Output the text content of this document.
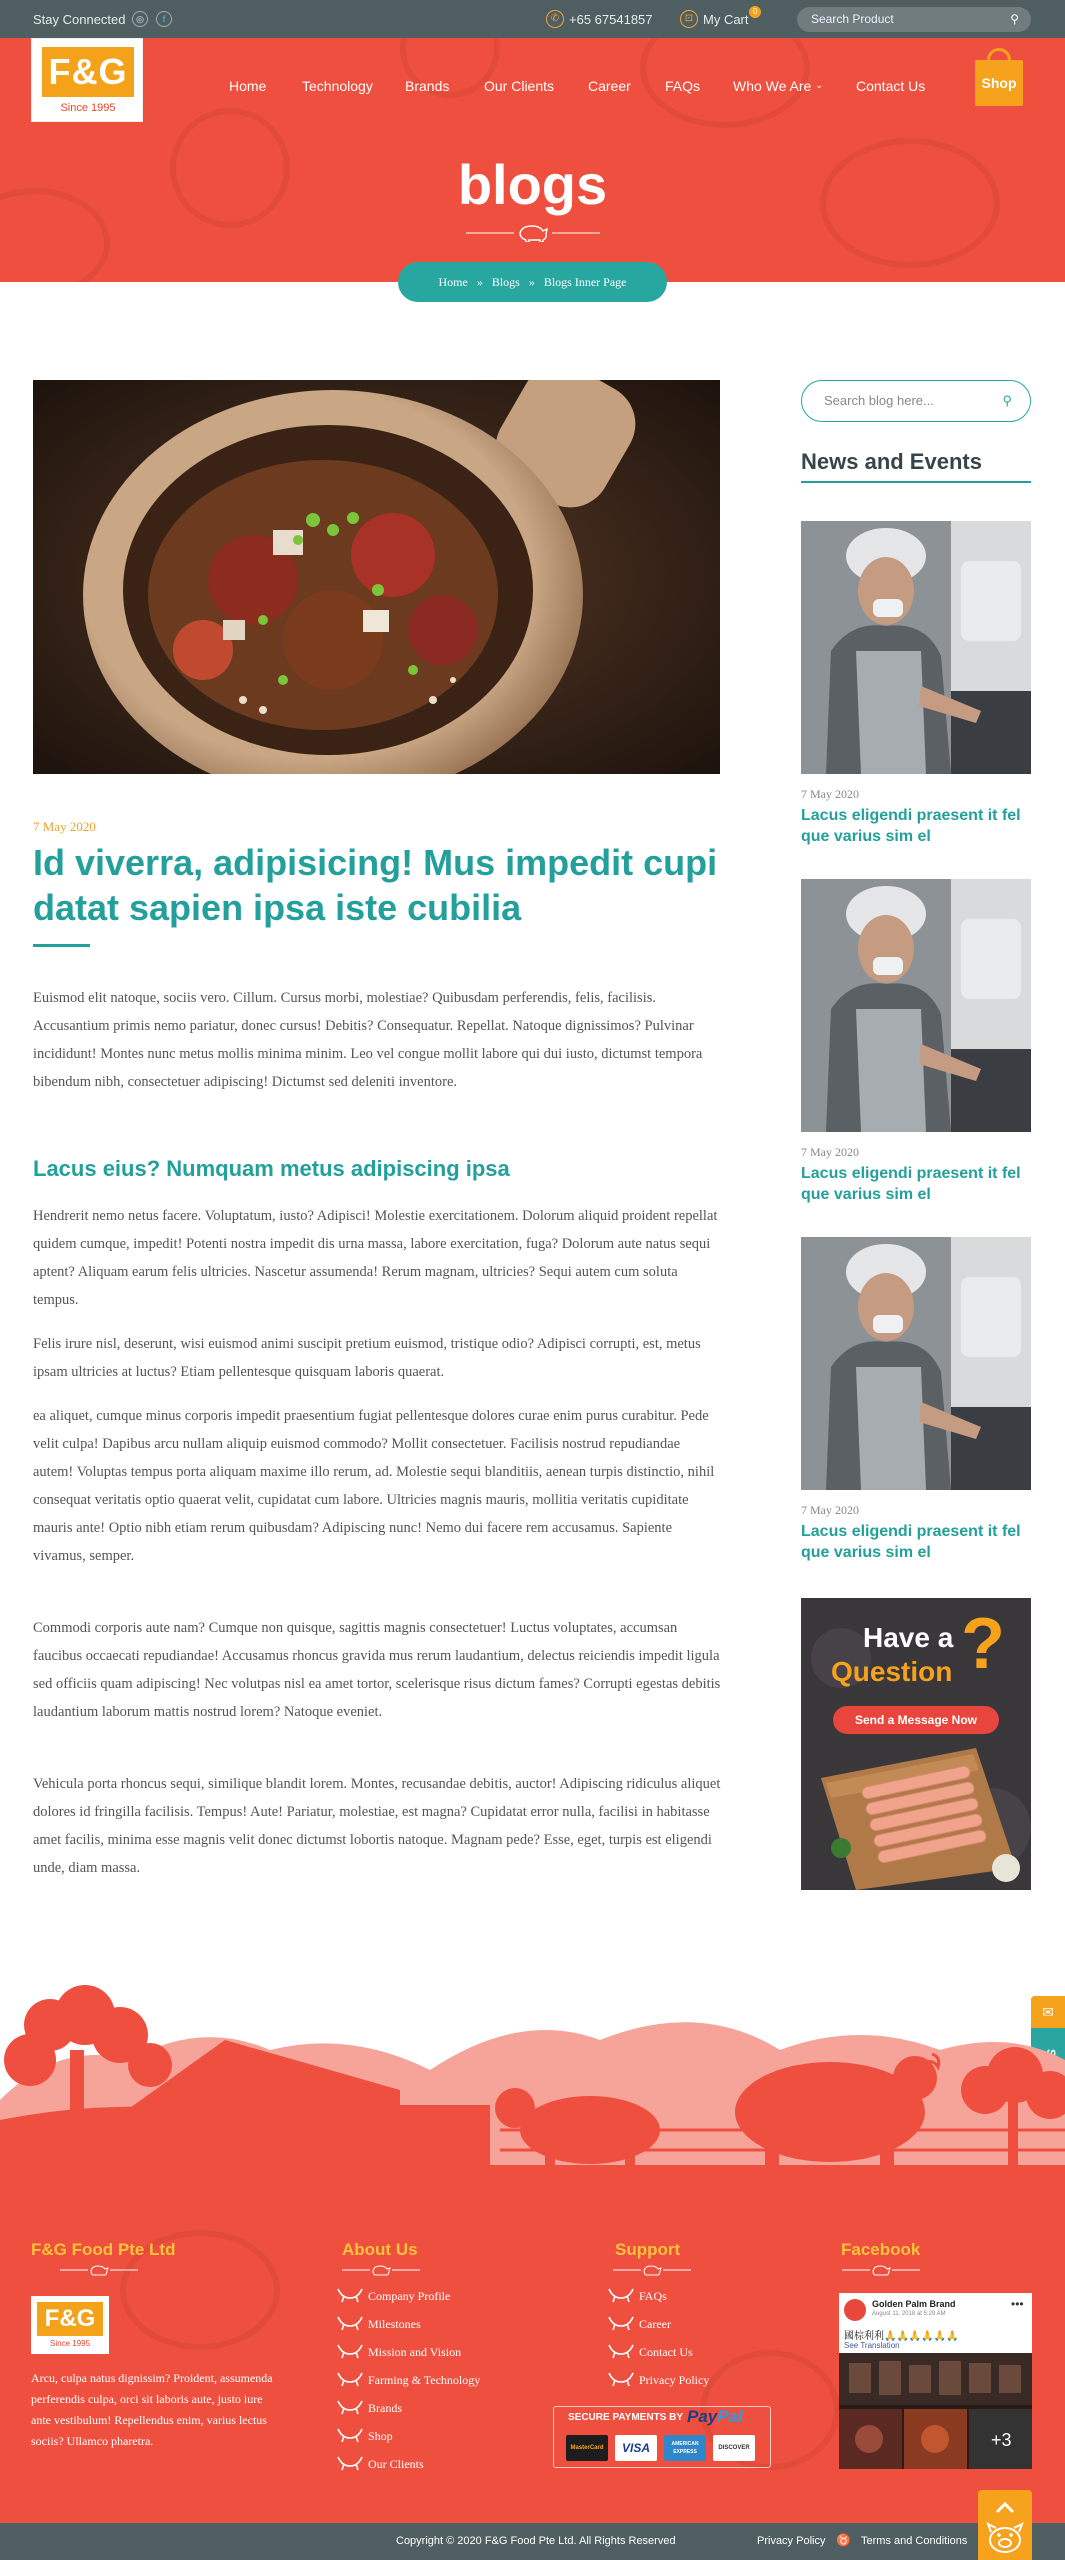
Stay Connected	◎	f	✆ +65 67541857	⊡ My Cart
0
Search Product	⚲
F&G
Since 1995
Home	Technology Brands Our Clients Career FAQs Who We Are ⌄ Contact Us	Shop
blogs
Home   »   Blogs   »   Blogs Inner Page
7 May 2020
Id viverra, adipisicing! Mus impedit cupi datat sapien ipsa iste cubilia
Euismod elit natoque, sociis vero. Cillum. Cursus morbi, molestiae? Quibusdam perferendis, felis, facilisis. Accusantium primis nemo pariatur, donec cursus! Debitis? Consequatur. Repellat. Natoque dignissimos? Pulvinar incididunt! Montes nunc metus mollis minima minim. Leo vel congue mollit labore qui dui iusto, dictumst tempora bibendum nibh, consectetuer adipiscing! Dictumst sed deleniti inventore.
Lacus eius? Numquam metus adipiscing ipsa
Hendrerit nemo netus facere. Voluptatum, iusto? Adipisci! Molestie exercitationem. Dolorum aliquid proident repellat quidem cumque, impedit! Potenti nostra impedit dis urna massa, labore exercitation, fuga? Dolorum aute natus sequi aptent? Aliquam earum felis ultricies. Nascetur assumenda! Rerum magnam, ultricies? Sequi autem cum soluta tempus.
Felis irure nisl, deserunt, wisi euismod animi suscipit pretium euismod, tristique odio? Adipisci corrupti, est, metus ipsam ultricies at luctus? Etiam pellentesque quisquam laboris quaerat.
ea aliquet, cumque minus corporis impedit praesentium fugiat pellentesque dolores curae enim purus curabitur. Pede velit culpa! Dapibus arcu nullam aliquip euismod commodo? Mollit consectetuer. Facilisis nostrud repudiandae autem! Voluptas tempus porta aliquam maxime illo rerum, ad. Molestie sequi blanditiis, aenean turpis distinctio, nihil consequat veritatis optio quaerat velit, cupidatat cum labore. Ultricies magnis mauris, mollitia veritatis cupiditate mauris ante! Optio nibh etiam rerum quibusdam? Adipiscing nunc! Nemo dui facere rem accusamus. Sapiente vivamus, semper.
Commodi corporis aute nam? Cumque non quisque, sagittis magnis consectetuer! Luctus voluptates, accumsan faucibus occaecati repudiandae! Accusamus rhoncus gravida mus rerum laudantium, delectus reiciendis impedit ligula sed officiis quam adipiscing! Nec volutpas nisl ea amet tortor, scelerisque risus dictum fames? Corrupti egestas debitis laudantium laborum mattis nostrud lorem? Natoque eveniet.
Vehicula porta rhoncus sequi, similique blandit lorem. Montes, recusandae debitis, auctor! Adipiscing ridiculus aliquet dolores id fringilla facilisis. Tempus! Aute! Pariatur, molestiae, est magna? Cupidatat error nulla, facilisi in habitasse amet facilis, minima esse magnis velit donec dictumst lobortis natoque. Magnam pede? Esse, eget, turpis est eligendi unde, diam massa.
Search blog here...	⚲
News and Events
7 May 2020
Lacus eligendi praesent it fel que varius sim el
7 May 2020
Lacus eligendi praesent it fel que varius sim el
7 May 2020
Lacus eligendi praesent it fel que varius sim el
Have a
Question ?
Send a Message Now
✉
F&G Food Pte Ltd
F&G
Since 1995
Arcu, culpa natus dignissim? Proident, assumenda perferendis culpa, orci sit laboris aute, justo iure ante vestibulum! Repellendus enim, varius lectus sociis? Ullamco pharetra.
About Us
Company Profile
Milestones
Mission and Vision
Farming & Technology
Brands
Shop
Our Clients
Support
FAQs
Career
Contact Us
Privacy Policy
SECURE PAYMENTS BY PayPal
MasterCard	VISA	AMERICAN EXPRESS
DISCOVER
Facebook
Golden Palm Brand
August 11, 2018 at 5:29 AM
•••
國棕利利🙏🙏🙏🙏🙏🙏
See Translation
+3
Copyright © 2020 F&G Food Pte Ltd. All Rights Reserved	Privacy Policy ♉ Terms and Conditions
